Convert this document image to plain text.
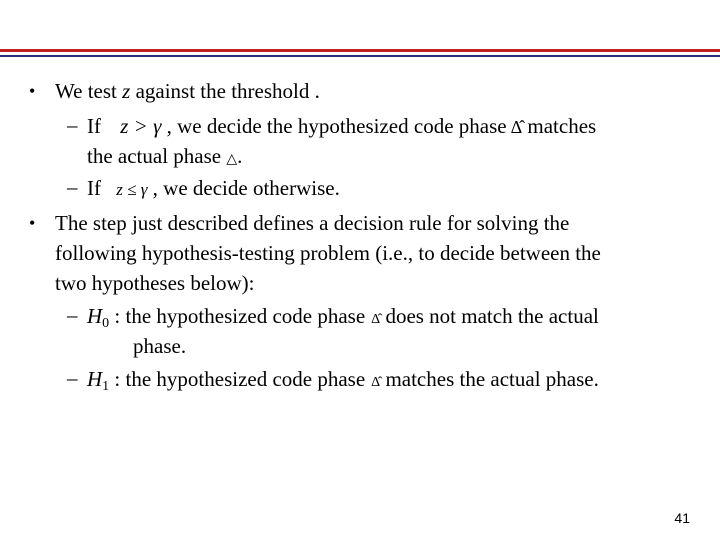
• We test z against the threshold .
– If z > γ , we decide the hypothesized code phase Δ̂ matches
the actual phase △.
– If z ≤ γ , we decide otherwise.
• The step just described defines a decision rule for solving the
following hypothesis-testing problem (i.e., to decide between the
two hypotheses below):
– $H_0$ : the hypothesized code phase Δ̂ does not match the actual
phase.
– $H_1$ : the hypothesized code phase Δ̂ matches the actual phase.
41
